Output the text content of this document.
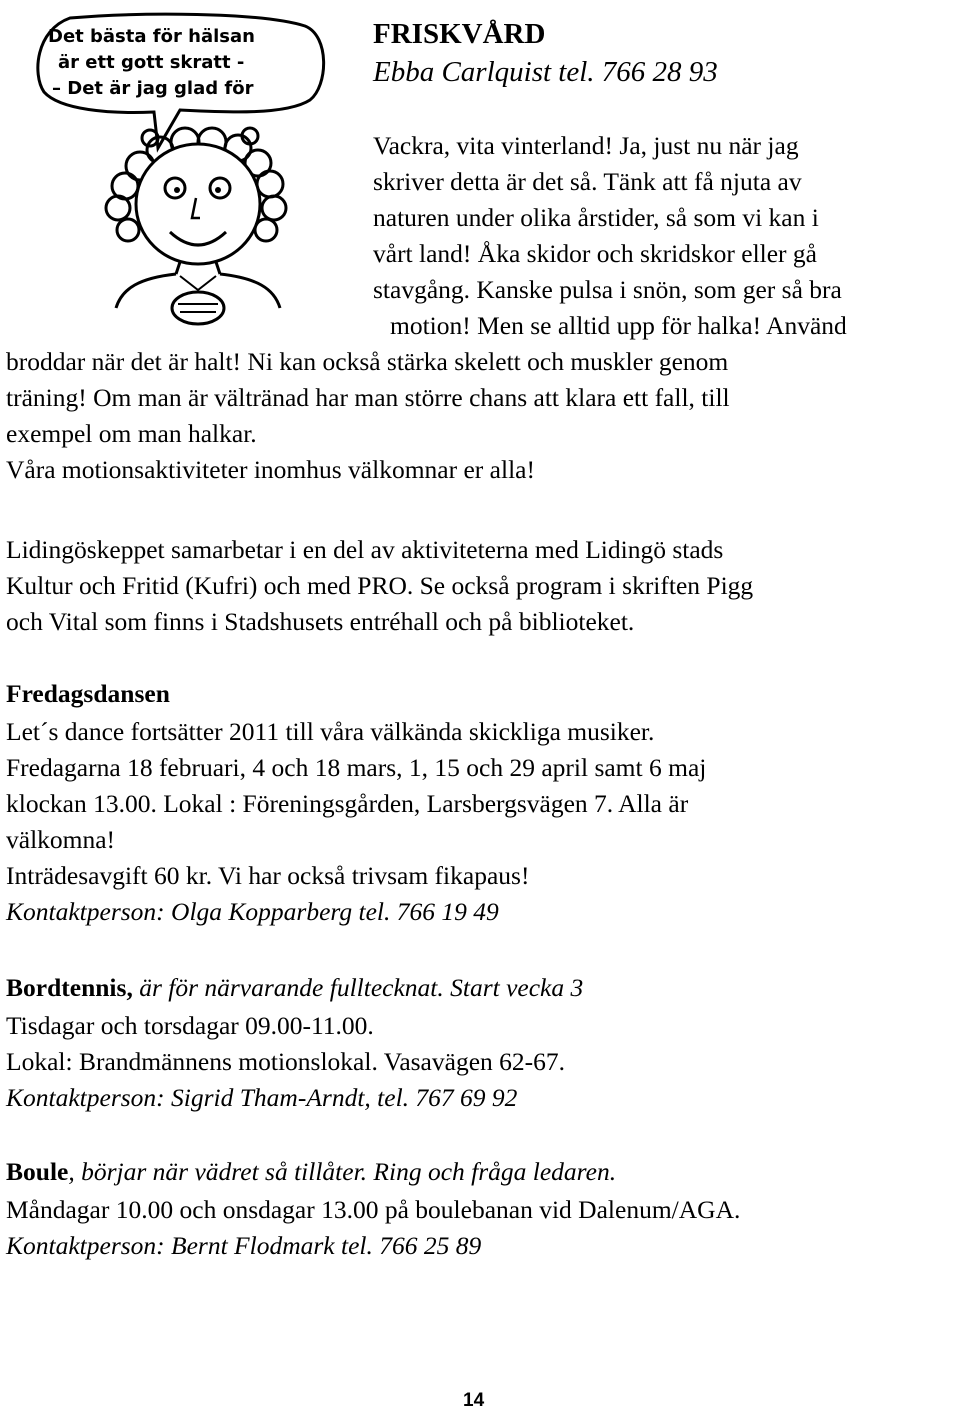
Det bästa för hälsan är ett gott skratt - – Det är jag glad för
FRISKVÅRD
Ebba Carlquist tel. 766 28 93
Vackra, vita vinterland! Ja, just nu när jag
skriver detta är det så. Tänk att få njuta av
naturen under olika årstider, så som vi kan i
vårt land! Åka skidor och skridskor eller gå
stavgång. Kanske pulsa i snön, som ger så bra
motion! Men se alltid upp för halka! Använd
broddar när det är halt! Ni kan också stärka skelett och muskler genom
träning! Om man är vältränad har man större chans att klara ett fall, till
exempel om man halkar.
Våra motionsaktiviteter inomhus välkomnar er alla!
Lidingöskeppet samarbetar i en del av aktiviteterna med Lidingö stads
Kultur och Fritid (Kufri) och med PRO. Se också program i skriften Pigg
och Vital som finns i Stadshusets entréhall och på biblioteket.
Fredagsdansen
Let´s dance fortsätter 2011 till våra välkända skickliga musiker.
Fredagarna 18 februari, 4 och 18 mars, 1, 15 och 29 april samt 6 maj
klockan 13.00. Lokal : Föreningsgården, Larsbergsvägen 7. Alla är
välkomna!
Inträdesavgift 60 kr. Vi har också trivsam fikapaus!
Kontaktperson: Olga Kopparberg tel. 766 19 49
Bordtennis, är för närvarande fulltecknat. Start vecka 3
Tisdagar och torsdagar 09.00-11.00.
Lokal: Brandmännens motionslokal. Vasavägen 62-67.
Kontaktperson: Sigrid Tham-Arndt, tel. 767 69 92
Boule, börjar när vädret så tillåter. Ring och fråga ledaren.
Måndagar 10.00 och onsdagar 13.00 på boulebanan vid Dalenum/AGA.
Kontaktperson: Bernt Flodmark tel. 766 25 89
14
